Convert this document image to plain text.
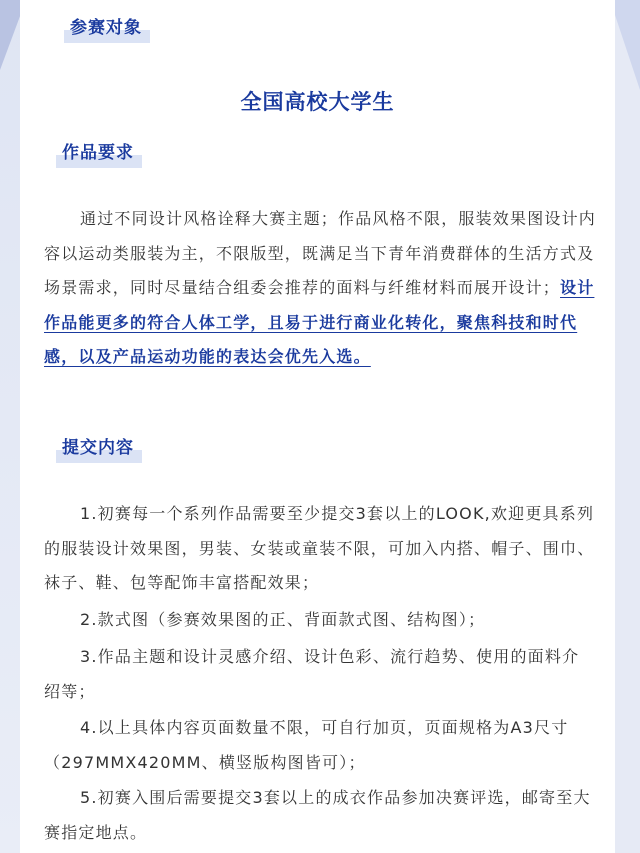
参赛对象
全国高校大学生
作品要求

通过不同设计风格诠释大赛主题；作品风格不限，服装效果图设计内容以运动类服装为主，不限版型，既满足当下青年消费群体的生活方式及场景需求，同时尽量结合组委会推荐的面料与纤维材料而展开设计；设计作品能更多的符合人体工学，且易于进行商业化转化，聚焦科技和时代感，以及产品运动功能的表达会优先入选。

提交内容

1.初赛每一个系列作品需要至少提交3套以上的LOOK,欢迎更具系列的服装设计效果图，男装、女装或童装不限，可加入内搭、帽子、围巾、袜子、鞋、包等配饰丰富搭配效果；

2.款式图（参赛效果图的正、背面款式图、结构图）；

3.作品主题和设计灵感介绍、设计色彩、流行趋势、使用的面料介绍等；

4.以上具体内容页面数量不限，可自行加页，页面规格为A3尺寸 （297MMX420MM、横竖版构图皆可）；

5.初赛入围后需要提交3套以上的成衣作品参加决赛评选，邮寄至大赛指定地点。
